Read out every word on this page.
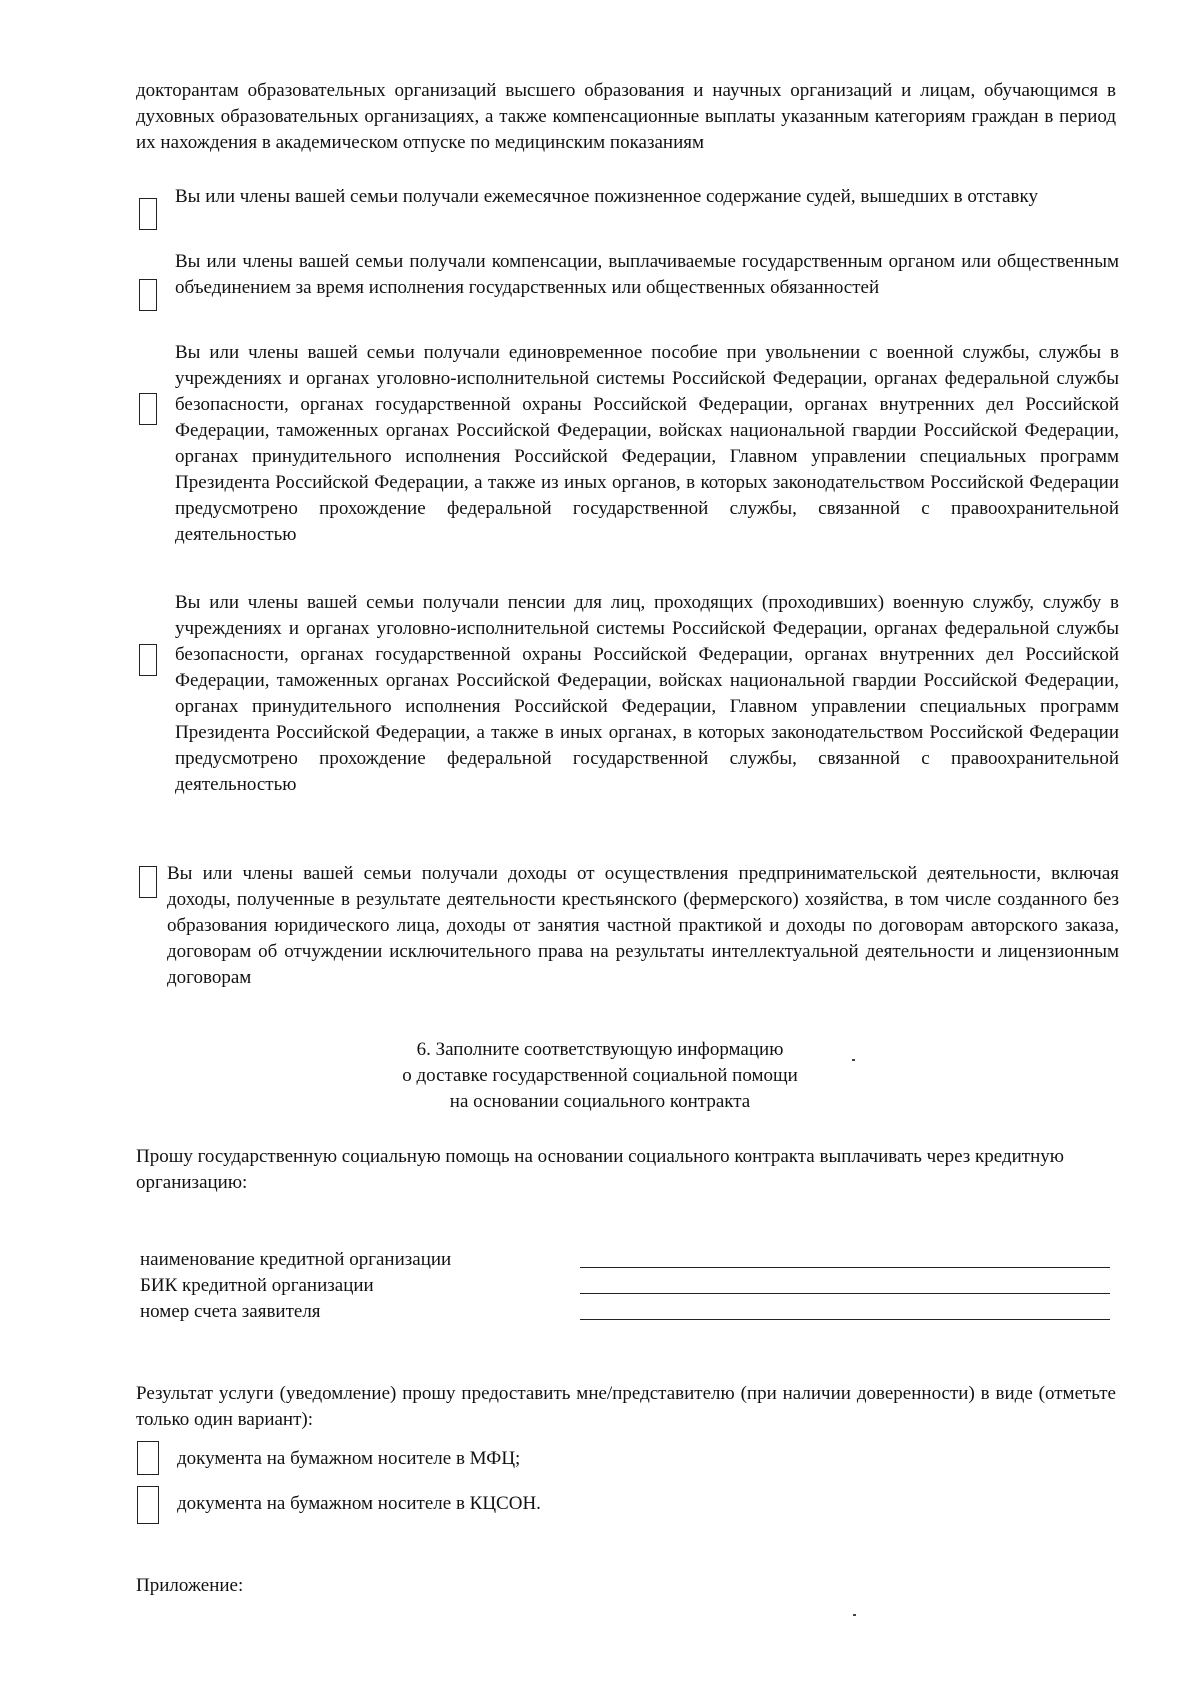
докторантам образовательных организаций высшего образования и научных организаций и лицам, обучающимся в духовных образовательных организациях, а также компенсационные выплаты указанным категориям граждан в период их нахождения в академическом отпуске по медицинским показаниям
Вы или члены вашей семьи получали ежемесячное пожизненное содержание судей, вышедших в отставку
Вы или члены вашей семьи получали компенсации, выплачиваемые государственным органом или общественным объединением за время исполнения государственных или общественных обязанностей
Вы или члены вашей семьи получали единовременное пособие при увольнении с военной службы, службы в учреждениях и органах уголовно-исполнительной системы Российской Федерации, органах федеральной службы безопасности, органах государственной охраны Российской Федерации, органах внутренних дел Российской Федерации, таможенных органах Российской Федерации, войсках национальной гвардии Российской Федерации, органах принудительного исполнения Российской Федерации, Главном управлении специальных программ Президента Российской Федерации, а также из иных органов, в которых законодательством Российской Федерации предусмотрено прохождение федеральной государственной службы, связанной с правоохранительной деятельностью
Вы или члены вашей семьи получали пенсии для лиц, проходящих (проходивших) военную службу, службу в учреждениях и органах уголовно-исполнительной системы Российской Федерации, органах федеральной службы безопасности, органах государственной охраны Российской Федерации, органах внутренних дел Российской Федерации, таможенных органах Российской Федерации, войсках национальной гвардии Российской Федерации, органах принудительного исполнения Российской Федерации, Главном управлении специальных программ Президента Российской Федерации, а также в иных органах, в которых законодательством Российской Федерации предусмотрено прохождение федеральной государственной службы, связанной с правоохранительной деятельностью
Вы или члены вашей семьи получали доходы от осуществления предпринимательской деятельности, включая доходы, полученные в результате деятельности крестьянского (фермерского) хозяйства, в том числе созданного без образования юридического лица, доходы от занятия частной практикой и доходы по договорам авторского заказа, договорам об отчуждении исключительного права на результаты интеллектуальной деятельности и лицензионным договорам
6. Заполните соответствующую информацию
о доставке государственной социальной помощи
на основании социального контракта
Прошу государственную социальную помощь на основании социального контракта выплачивать через кредитную организацию:
наименование кредитной организации
БИК кредитной организации
номер счета заявителя
Результат услуги (уведомление) прошу предоставить мне/представителю (при наличии доверенности) в виде (отметьте только один вариант):
документа на бумажном носителе в МФЦ;
документа на бумажном носителе в КЦСОН.
Приложение:
